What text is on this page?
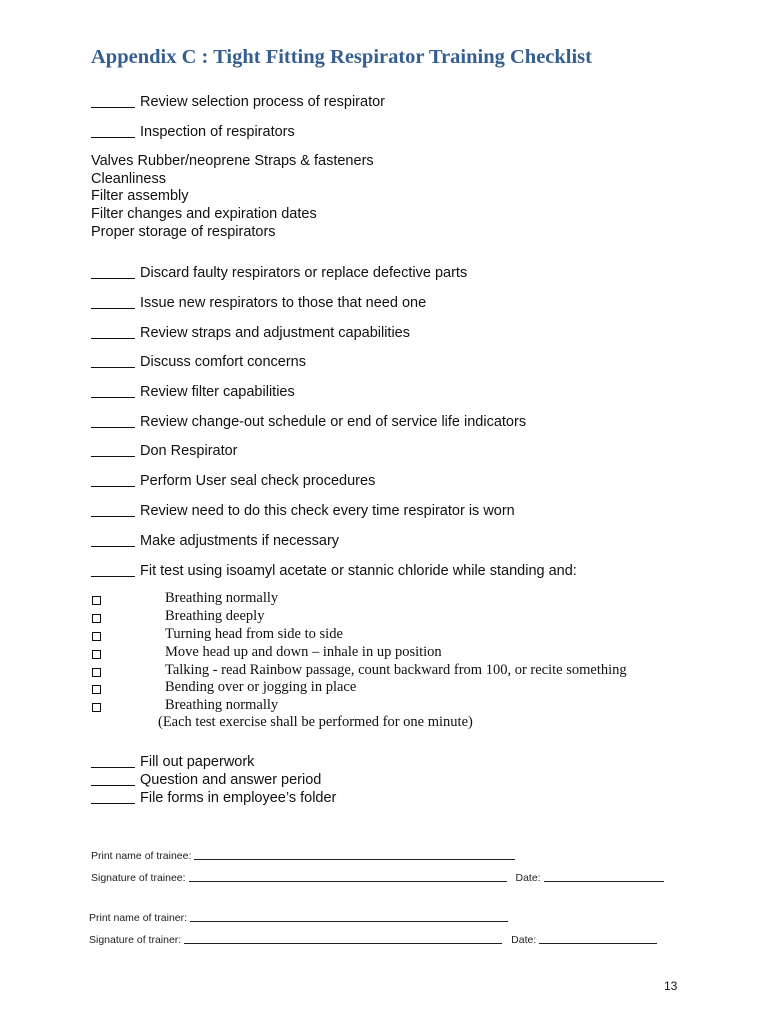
Appendix C : Tight Fitting Respirator Training Checklist
Review selection process of respirator
Inspection of respirators
Valves Rubber/neoprene Straps & fasteners
Cleanliness
Filter assembly
Filter changes and expiration dates
Proper storage of respirators
Discard faulty respirators or replace defective parts
Issue new respirators to those that need one
Review straps and adjustment capabilities
Discuss comfort concerns
Review filter capabilities
Review change-out schedule or end of service life indicators
Don Respirator
Perform User seal check procedures
Review need to do this check every time respirator is worn
Make adjustments if necessary
Fit test using isoamyl acetate or stannic chloride while standing and:
Breathing normally
Breathing deeply
Turning head from side to side
Move head up and down – inhale in up position
Talking - read Rainbow passage, count backward from 100, or recite something
Bending over or jogging in place
Breathing normally
(Each test exercise shall be performed for one minute)
Fill out paperwork
Question and answer period
File forms in employee’s folder
Print name of trainee:
Signature of trainee:	Date:
Print name of trainer:
Signature of trainer:	Date:
13
